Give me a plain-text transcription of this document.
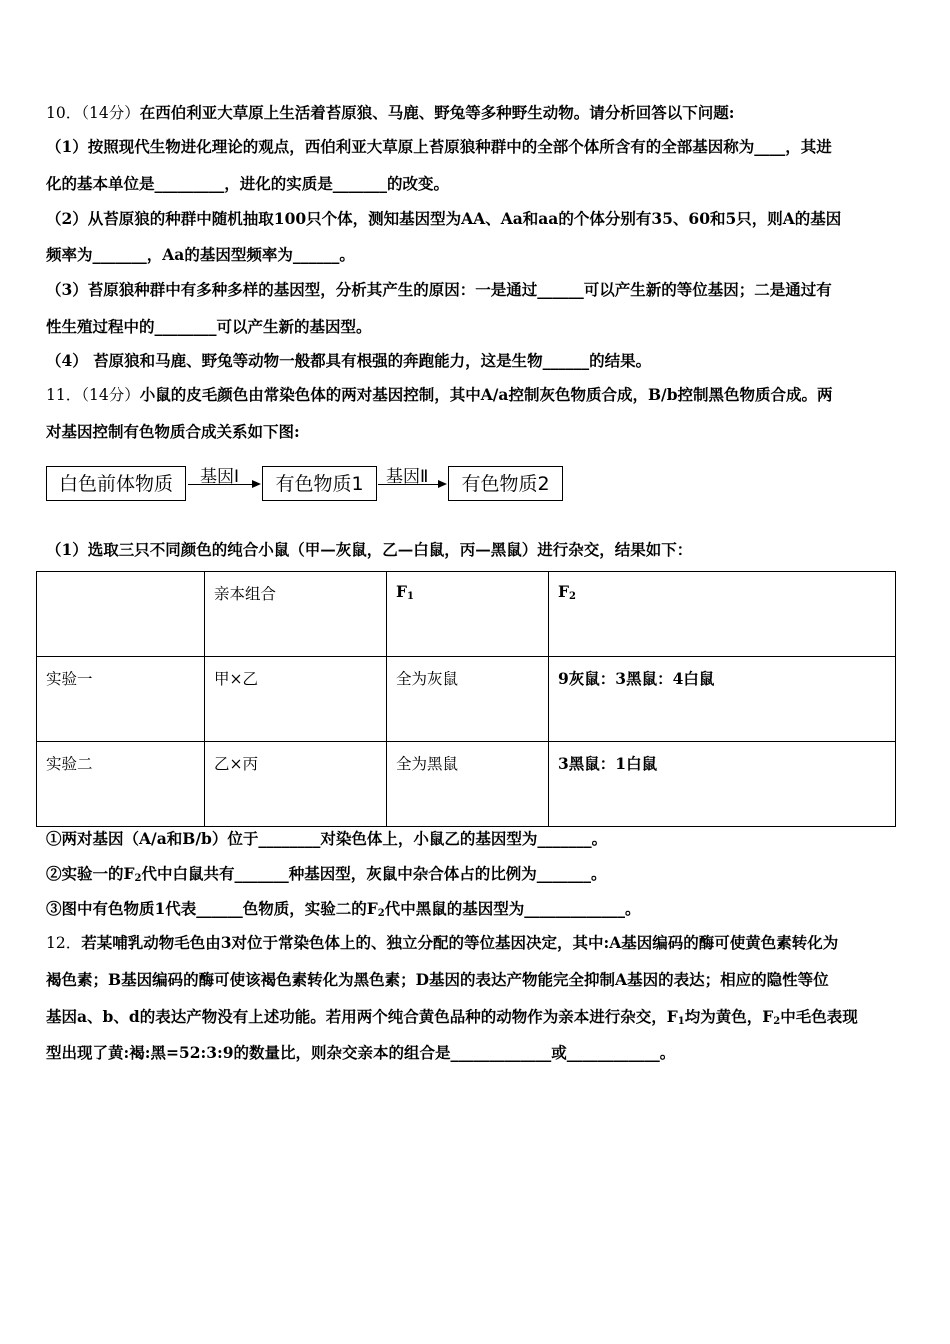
10．（14分）在西伯利亚大草原上生活着苔原狼、马鹿、野兔等多种野生动物。请分析回答以下问题:
（1）按照现代生物进化理论的观点，西伯利亚大草原上苔原狼种群中的全部个体所含有的全部基因称为____，其进
化的基本单位是_________，进化的实质是_______的改变。
（2）从苔原狼的种群中随机抽取100只个体，测知基因型为AA、Aa和aa的个体分别有35、60和5只，则A的基因
频率为_______，Aa的基因型频率为______。
（3）苔原狼种群中有多种多样的基因型，分析其产生的原因：一是通过______可以产生新的等位基因；二是通过有
性生殖过程中的________可以产生新的基因型。
（4） 苔原狼和马鹿、野兔等动物一般都具有根强的奔跑能力，这是生物______的结果。
11．（14分）小鼠的皮毛颜色由常染色体的两对基因控制，其中A/a控制灰色物质合成，B/b控制黑色物质合成。两
对基因控制有色物质合成关系如下图:
白色前体物质	基因Ⅰ	有色物质1	基因Ⅱ	有色物质2
（1）选取三只不同颜色的纯合小鼠（甲—灰鼠，乙—白鼠，丙—黑鼠）进行杂交，结果如下：
	亲本组合	$F_1$	$F_2$
实验一	甲×乙	全为灰鼠	9灰鼠：3黑鼠：4白鼠
实验二	乙×丙	全为黑鼠	3黑鼠：1白鼠
①两对基因（A/a和B/b）位于________对染色体上，小鼠乙的基因型为_______。
②实验一的$F_2$代中白鼠共有_______种基因型，灰鼠中杂合体占的比例为_______。
③图中有色物质1代表______色物质，实验二的$F_2$代中黑鼠的基因型为_____________。
12．若某哺乳动物毛色由3对位于常染色体上的、独立分配的等位基因决定，其中:A基因编码的酶可使黄色素转化为
褐色素；B基因编码的酶可使该褐色素转化为黑色素；D基因的表达产物能完全抑制A基因的表达；相应的隐性等位
基因a、b、d的表达产物没有上述功能。若用两个纯合黄色品种的动物作为亲本进行杂交，$F_1$均为黄色，$F_2$中毛色表现
型出现了黄:褐:黑=52:3:9的数量比，则杂交亲本的组合是_____________或____________。
